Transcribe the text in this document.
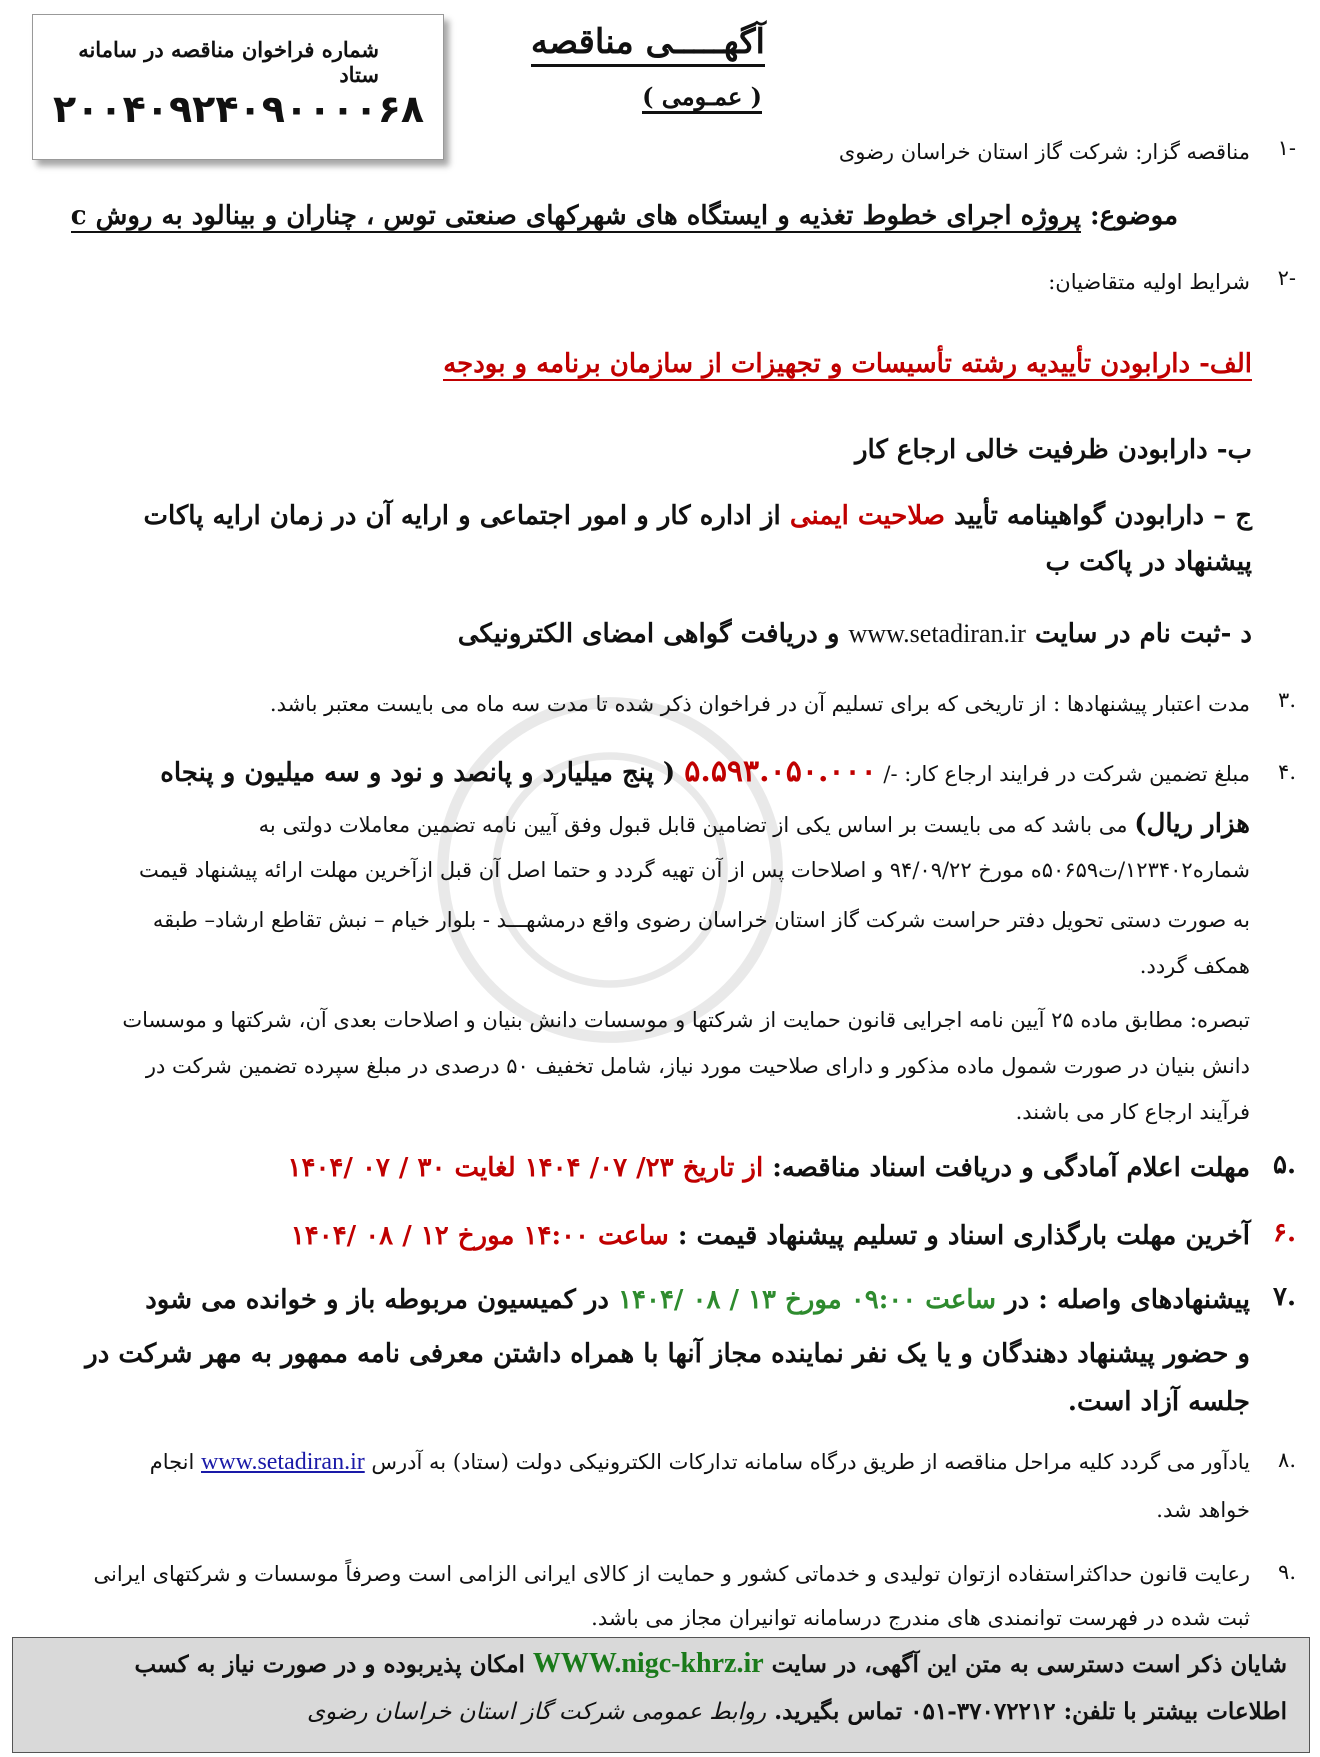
شماره فراخوان مناقصه در سامانه ستاد
۲۰۰۴۰۹۲۴۰۹۰۰۰۰۶۸
آگهـــــی مناقصه
( عمـومی )
-۱
مناقصه گزار: شرکت گاز استان خراسان رضوی
موضوع: پروژه اجرای خطوط تغذیه و ایستگاه های شهرکهای صنعتی توس ، چناران و بینالود به روش c
-۲
شرایط اولیه متقاضیان:
الف- دارابودن تأییدیه رشته تأسیسات و تجهیزات از سازمان برنامه و بودجه
ب- دارابودن ظرفیت خالی ارجاع کار
ج – دارابودن گواهینامه تأیید صلاحیت ایمنی از اداره کار و امور اجتماعی و ارایه آن در زمان ارایه پاکات
پیشنهاد در پاکت ب
د -ثبت نام در سایت www.setadiran.ir و دریافت گواهی امضای الکترونیکی
.۳
مدت اعتبار پیشنهادها : از تاریخی که برای تسلیم آن در فراخوان ذکر شده تا مدت سه ماه می بایست معتبر باشد.
.۴
مبلغ تضمین شرکت در فرایند ارجاع کار: -/ ۵.۵۹۳.۰۵۰.۰۰۰ ( پنج میلیارد و پانصد و نود و سه میلیون و پنجاه
هزار ریال) می باشد که می بایست بر اساس یکی از تضامین قابل قبول وفق آیین نامه تضمین معاملات دولتی به
شماره۱۲۳۴۰۲/ت۵۰۶۵۹ه مورخ ۹۴/۰۹/۲۲ و اصلاحات پس از آن تهیه گردد و حتما اصل آن قبل ازآخرین مهلت ارائه پیشنهاد قیمت
به صورت دستی تحویل دفتر حراست شرکت گاز استان خراسان رضوی واقع درمشهـــد - بلوار خیام – نبش تقاطع ارشاد– طبقه
همکف گردد.
تبصره: مطابق ماده ۲۵ آیین نامه اجرایی قانون حمایت از شرکتها و موسسات دانش بنیان و اصلاحات بعدی آن، شرکتها و موسسات
دانش بنیان در صورت شمول ماده مذکور و دارای صلاحیت مورد نیاز، شامل تخفیف ۵۰ درصدی در مبلغ سپرده تضمین شرکت در
فرآیند ارجاع کار می باشند.
.۵
مهلت اعلام آمادگی و دریافت اسناد مناقصه: از تاریخ ۲۳/ ۰۷/ ۱۴۰۴ لغایت ۳۰ / ۰۷ /۱۴۰۴
.۶
آخرین مهلت بارگذاری اسناد و تسلیم پیشنهاد قیمت : ساعت ۱۴:۰۰ مورخ ۱۲ / ۰۸ /۱۴۰۴
.۷
پیشنهادهای واصله : در ساعت ۰۹:۰۰ مورخ ۱۳ / ۰۸ /۱۴۰۴ در کمیسیون مربوطه باز و خوانده می شود
و حضور پیشنهاد دهندگان و یا یک نفر نماینده مجاز آنها با همراه داشتن معرفی نامه ممهور به مهر شرکت در
جلسه آزاد است.
.۸
یادآور می گردد کلیه مراحل مناقصه از طریق درگاه سامانه تدارکات الکترونیکی دولت (ستاد) به آدرس www.setadiran.ir انجام
خواهد شد.
.۹
رعایت قانون حداکثراستفاده ازتوان تولیدی و خدماتی کشور و حمایت از کالای ایرانی الزامی است وصرفاً موسسات و شرکتهای ایرانی
ثبت شده در فهرست توانمندی های مندرج درسامانه توانیران مجاز می باشد.
شایان ذکر است دسترسی به متن این آگهی، در سایت WWW.nigc-khrz.ir امکان پذیربوده و در صورت نیاز به کسب
اطلاعات بیشتر با تلفن: ۳۷۰۷۲۲۱۲-۰۵۱ تماس بگیرید. روابط عمومی شرکت گاز استان خراسان رضوی
